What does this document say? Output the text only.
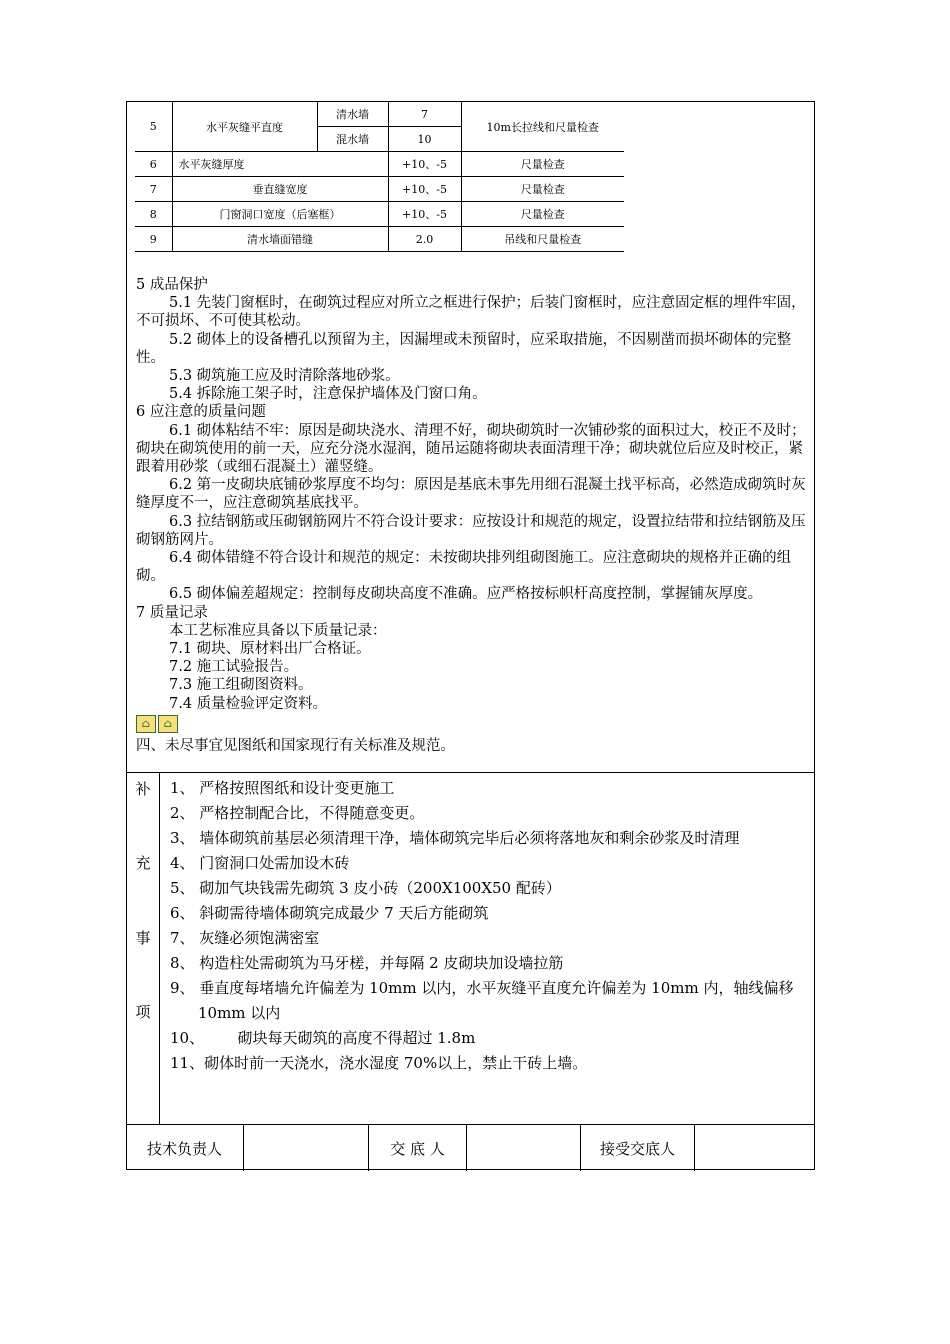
5	水平灰缝平直度	清水墙	7	10m长拉线和尺量检查
		混水墙	10	
6	水平灰缝厚度		+10、-5	尺量检查
7	垂直缝宽度		+10、-5	尺量检查
8	门窗洞口宽度（后塞框）		+10、-5	尺量检查
9	清水墙面错缝		2.0	吊线和尺量检查

5 成品保护

5.1 先装门窗框时，在砌筑过程应对所立之框进行保护；后装门窗框时，应注意固定框的埋件牢固，不可损坏、不可使其松动。

5.2 砌体上的设备槽孔以预留为主，因漏埋或未预留时，应采取措施，不因剔凿而损坏砌体的完整性。

5.3 砌筑施工应及时清除落地砂浆。

5.4 拆除施工架子时，注意保护墙体及门窗口角。

6 应注意的质量问题

6.1 砌体粘结不牢：原因是砌块浇水、清理不好，砌块砌筑时一次铺砂浆的面积过大，校正不及时；砌块在砌筑使用的前一天，应充分浇水湿润，随吊运随将砌块表面清理干净；砌块就位后应及时校正，紧跟着用砂浆（或细石混凝土）灌竖缝。

6.2 第一皮砌块底铺砂浆厚度不均匀：原因是基底未事先用细石混凝土找平标高，必然造成砌筑时灰缝厚度不一，应注意砌筑基底找平。

6.3 拉结钢筋或压砌钢筋网片不符合设计要求：应按设计和规范的规定，设置拉结带和拉结钢筋及压砌钢筋网片。

6.4 砌体错缝不符合设计和规范的规定：未按砌块排列组砌图施工。应注意砌块的规格并正确的组砌。

6.5 砌体偏差超规定：控制每皮砌块高度不准确。应严格按标帜杆高度控制，掌握铺灰厚度。

7 质量记录

本工艺标准应具备以下质量记录：

7.1 砌块、原材料出厂合格证。

7.2 施工试验报告。

7.3 施工组砌图资料。

7.4 质量检验评定资料。

⌂	⌂

四、未尽事宜见图纸和国家现行有关标准及规范。

补
充
事
项

1、 严格按照图纸和设计变更施工

2、 严格控制配合比，不得随意变更。

3、 墙体砌筑前基层必须清理干净，墙体砌筑完毕后必须将落地灰和剩余砂浆及时清理

4、 门窗洞口处需加设木砖

5、 砌加气块钱需先砌筑 3 皮小砖（200X100X50 配砖）

6、 斜砌需待墙体砌筑完成最少 7 天后方能砌筑

7、 灰缝必须饱满密室

8、 构造柱处需砌筑为马牙槎，并每隔 2 皮砌块加设墙拉筋

9、 垂直度每堵墙允许偏差为 10mm 以内，水平灰缝平直度允许偏差为 10mm 内，轴线偏移 10mm 以内

10、       砌块每天砌筑的高度不得超过 1.8m

11、砌体时前一天浇水，浇水湿度 70%以上，禁止干砖上墙。

技术负责人	交 底 人	接受交底人
